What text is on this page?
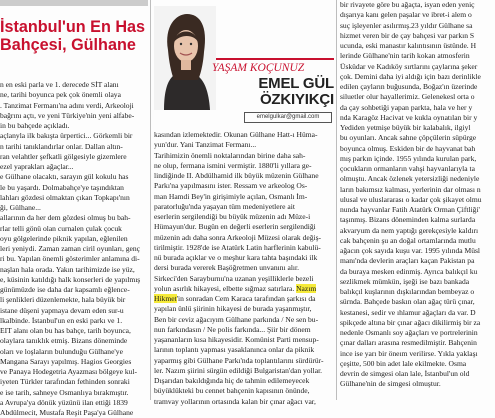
İstanbul'un En Has
Bahçesi, Gülhane
n en eski parla ve 1. derecede SİT alanı
ne, tarihi boyunca pek çok önemli olaya
. Tanzimat Fermanı'na adını verdi, Arkeoloji
bağrını açtı, ve yeni Türkiye'nin yeni alfabe-
in bu bahçede açıkladı.
açlanyla ilk bakışta ürpertici... Görkemli bir
n tarihi tanıklandırlar onlar. Dallan altın-
ran velahtler şefkatli gölgesiyle gizemlere
ezel yaprakları ağaçlar...
e Gülhane olacaktı, sarayın gül kokulu has
le bu yaşardı. Dolmabahçe'ye taşındıktan
lahları gözdesi olmaktan çıkan Topkapı'nın
ği, Gülhane...
allarının da her dem gözdesi olmuş bu bah-
rlar telli gönü olan curnalen çulak çocuk
oyu gölgelerinde piknik yapılan, eğlenilen
leri yeniydi. Zaman zaman ciril oyunları, genç
ri bu. Yapılan önemli gösterimler anlamına di-
naşlan hala orada. Yakın tarihimizde ise yüz,
e, küsinin katıldığı halk konserleri de yapılmış
günümüzde ise daha dar kapsamlı eğlence-
li şenlikleri düzenlemekte, hala büyük bir
istane düşeni yapmaya devam eden sur-u
lkalbinde. İstanbul'un en eski parkı ve 1.
EIT alanı olan bu has bahçe, tarih boyunca,
olaylara tanıklık etmiş. Bizans döneminde
oları ve loşlaların bulunduğu Gülhane'ye
Mangana Sarayı yapılmış. Hagios Georgies
ve Panaya Hodegetria Ayazması bölgeye kul-
iyeten Türkler tarafından fethinden sonraki
e ise tarih, sahneye Osmanlıya bırakmıştır.
a Avrupa'ya dönük yüzünü ilan ettiği 1839
Abdülmecit, Mustafa Reşit Paşa'ya Gülhane
YAŞAM KOÇUNUZ
EMEL GÜL
ÖZKIYIKÇI
emelgulkar@gmail.com
kasından izlemektedir. Okunan Gülhane Hatt-ı Hüma-
yun'dur. Yani Tanzimat Fermanı...
Tarihimizin önemli noktalarından birine daha sah-
ne olup, fermana ismini vermiştir. 1880'li yıllara ge-
lindiğinde II. Abdülhamid ilk büyük müzenin Gülhane
Parkı'na yapılmasını ister. Ressam ve arkeolog Os-
man Hamdi Bey'in girişimiyle açılan, Osmanlı İm-
paratorluğu'nda yaşayan tüm medeniyetlere ait
eserlerin sergilendiği bu büyük müzenin adı Müze-i
Hümayun'dur. Bugün en değerli eserlerin sergilendiği
müzenin adı daha sonra Arkeoloji Müzesi olarak değiş-
tirilmiştir. 1928'de ise Atatürk Latin harflerinin kabulü-
nü burada açıklar ve o meşhur kara tahta başındaki ilk
dersi burada vererek Başöğretmen unvanını alır.
Sirkeci'den Sarayburnu'na uzanan yeşilliklerle bezeli
yolun asırlık hikayesi, elbette sığmaz satırlara. Nazım
Hikmet'in sonradan Cem Karaca tarafından şarkısı da
yapılan ünlü şiirinin hikayesi de burada yaşanmıştır,
Ben bir ceviz ağacıyım Gülhane parkında / Ne sen bu-
nun farkındasın / Ne polis farkında... Şiir bir dönem
yaşananların kısa hikayesidir. Komünist Parti mensup-
larının toplantı yapması yasaklanınca onlar da piknik
yaparmış gibi Gülhane Parkı'nda toplantılarını sürdürür-
ler. Nazım şiirini sürgün edildiği Bulgaristan'dan yollar.
Dışarıdan bakıldığında hiç de tahmin edilemeyecek
büyüklükteki bu cennet bahçenin kapısının önünde,
tramvay yollarının ortasında kalan bir çınar ağacı var,
bir rivayete göre bu ağaçta, isyan eden yeniç
dışarıya kanı gelen paşalar ve ibret-i alem o
suç işleyenler asılırmış.23 yıldır Gülhane sa
hizmet veren bir de çay bahçesi var parkın S
ucunda, eski manastır kalıntısının üstünde. H
lerinde Gülhane'nin tarih kokan atmosferin
Üsküdar ve Kadıköy sırtlarını çaylarına şeker
çok. Demini daha iyi aldığı için bazı derinlikle
edilen çayların buğusunda, Boğaz'ın üzerinde
siluetler olur hayallerimiz. Gelenekesl orta o
da çay sohbetiği yapan parkta, hala ve her y
nda Karagöz Hacivat ve kukla oynatılan bir y
Yediden yetmişe büyük bir kalabalık, ilgiyl
bu oyunları. Ancak sahne çöpçülerin süpürge
boyunca olmuş. Eskiden bir de hayvanat bah
mış parkın içinde. 1955 yılında kurulan park,
çocukların ormanların vahşi hayvanlarıyla ta
olmuştu. Ancak özlenek yetersizliği nedeniyle
ların bakımsız kalması, yerlerinin dar olması n
ulusal ve uluslararası o kadar çok şikayet olmu
nunda hayvanlar Fatih Atatürk Orman Çiftliği'
taşınmış. Bizans döneminden kalma surlarda
akvaryum da nem yaptığı gerekçesiyle kaldırı
cak bahçenin şu an doğal ortamlarında mutlu
ağacın çok sayıda kuşu var. 1995 yılında Müsl
manı'nda devlerin araçları kaçan Pakistan pa
da buraya mesken edinmiş. Ayrıca balıkçıl ku
sezlikmek mümkün, işeği ise bazı bankada
balıkçıl kuşlarının dışkılarından bembeyaz o
sürnda. Bahçede baskın olan ağaç türü çınar,
kestanesi, sedir ve ıhlamur ağaçları da var. D
spikçede altına bir çınar ağacı dikilirmiş bir za
nedenle Osmanlı soy ağaçları ve portrelerinin
çınar dalları arasına resmedilmiştir. Bahçenin
ince ise yarı bir öneım verilirse. Yıkla yaklaşı
çeşitte, 500 bin adet lale ekilmekte. Osma
devrin de simgesi olan lale, İstanbul'un old
Gülhane'nin de simgesi olmuştur.
